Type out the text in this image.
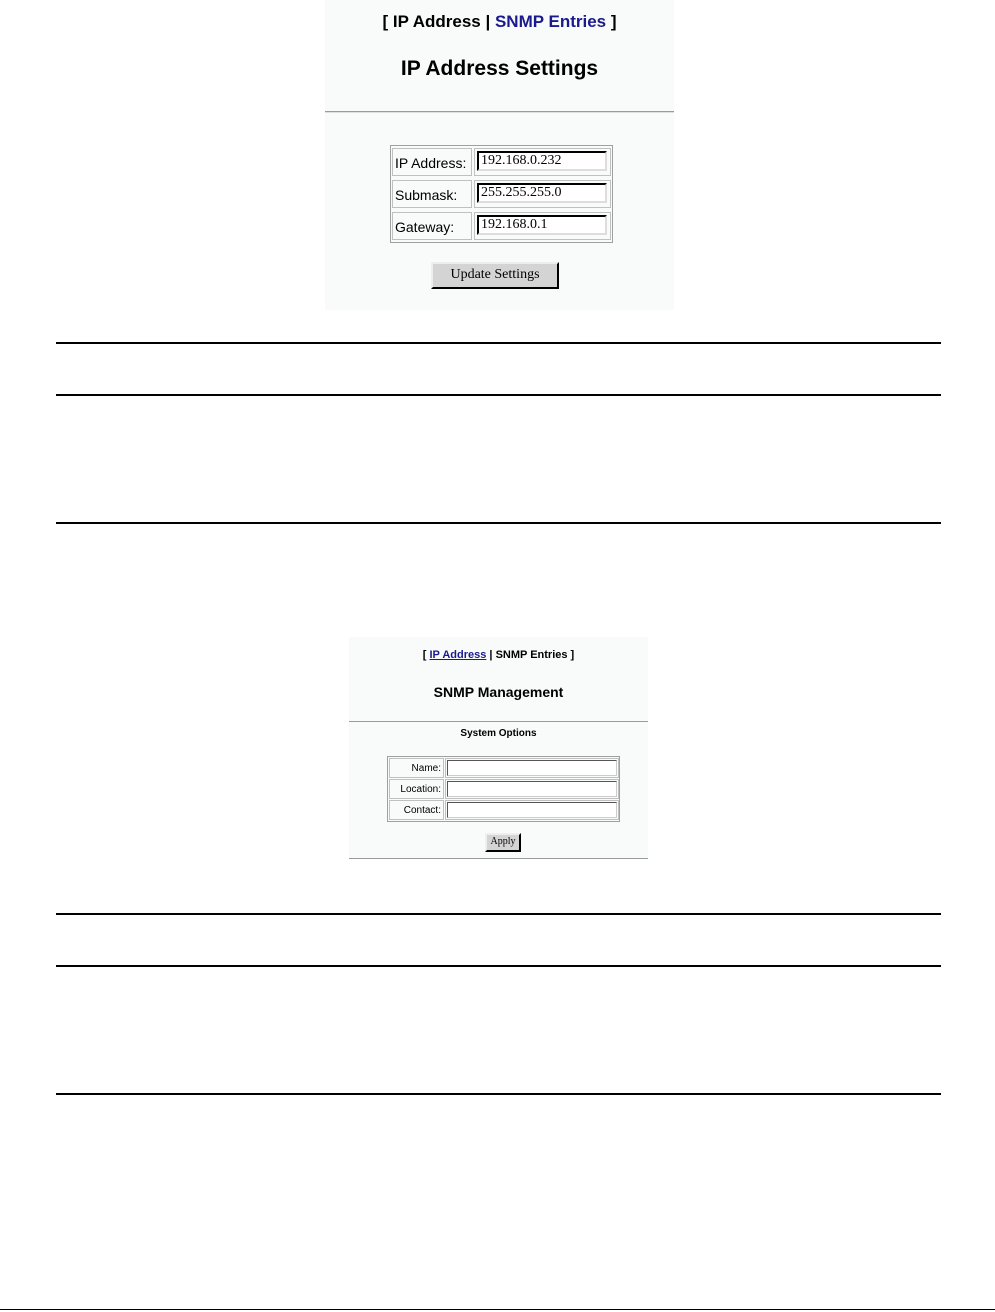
[ IP Address | SNMP Entries ]
IP Address Settings
IP Address:
192.168.0.232
Submask:
255.255.255.0
Gateway:
192.168.0.1
Update Settings
[ IP Address | SNMP Entries ]
SNMP Management
System Options
Name:
Location:
Contact:
Apply
